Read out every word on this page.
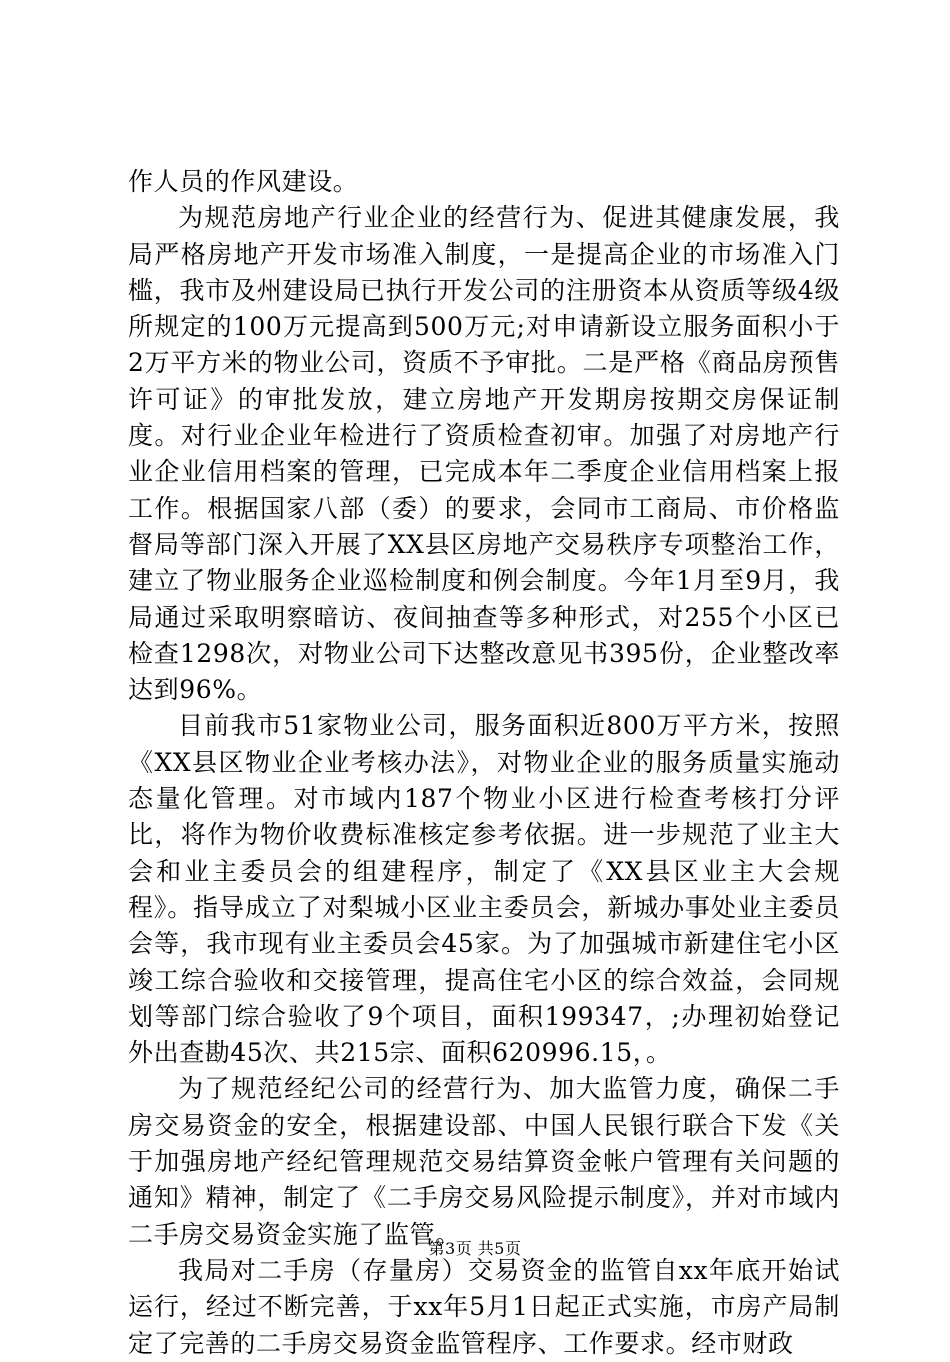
作人员的作风建设。

为规范房地产行业企业的经营行为、促进其健康发展，我局严格房地产开发市场准入制度，一是提高企业的市场准入门槛，我市及州建设局已执行开发公司的注册资本从资质等级4级所规定的100万元提高到500万元;对申请新设立服务面积小于2万平方米的物业公司，资质不予审批。二是严格《商品房预售许可证》的审批发放，建立房地产开发期房按期交房保证制度。对行业企业年检进行了资质检查初审。加强了对房地产行业企业信用档案的管理，已完成本年二季度企业信用档案上报工作。根据国家八部（委）的要求，会同市工商局、市价格监督局等部门深入开展了XX县区房地产交易秩序专项整治工作，建立了物业服务企业巡检制度和例会制度。今年1月至9月，我局通过采取明察暗访、夜间抽查等多种形式，对255个小区已检查1298次，对物业公司下达整改意见书395份，企业整改率达到96%。

目前我市51家物业公司，服务面积近800万平方米，按照《XX县区物业企业考核办法》，对物业企业的服务质量实施动态量化管理。对市域内187个物业小区进行检查考核打分评比，将作为物价收费标准核定参考依据。进一步规范了业主大会和业主委员会的组建程序，制定了《XX县区业主大会规程》。指导成立了对梨城小区业主委员会，新城办事处业主委员会等，我市现有业主委员会45家。为了加强城市新建住宅小区竣工综合验收和交接管理，提高住宅小区的综合效益，会同规划等部门综合验收了9个项目，面积199347，;办理初始登记外出查勘45次、共215宗、面积620996.15，。

为了规范经纪公司的经营行为、加大监管力度，确保二手房交易资金的安全，根据建设部、中国人民银行联合下发《关于加强房地产经纪管理规范交易结算资金帐户管理有关问题的通知》精神，制定了《二手房交易风险提示制度》，并对市域内二手房交易资金实施了监管。

我局对二手房（存量房）交易资金的监管自xx年底开始试运行，经过不断完善，于xx年5月1日起正式实施，市房产局制定了完善的二手房交易资金监管程序、工作要求。经市财政

第3页 共5页
